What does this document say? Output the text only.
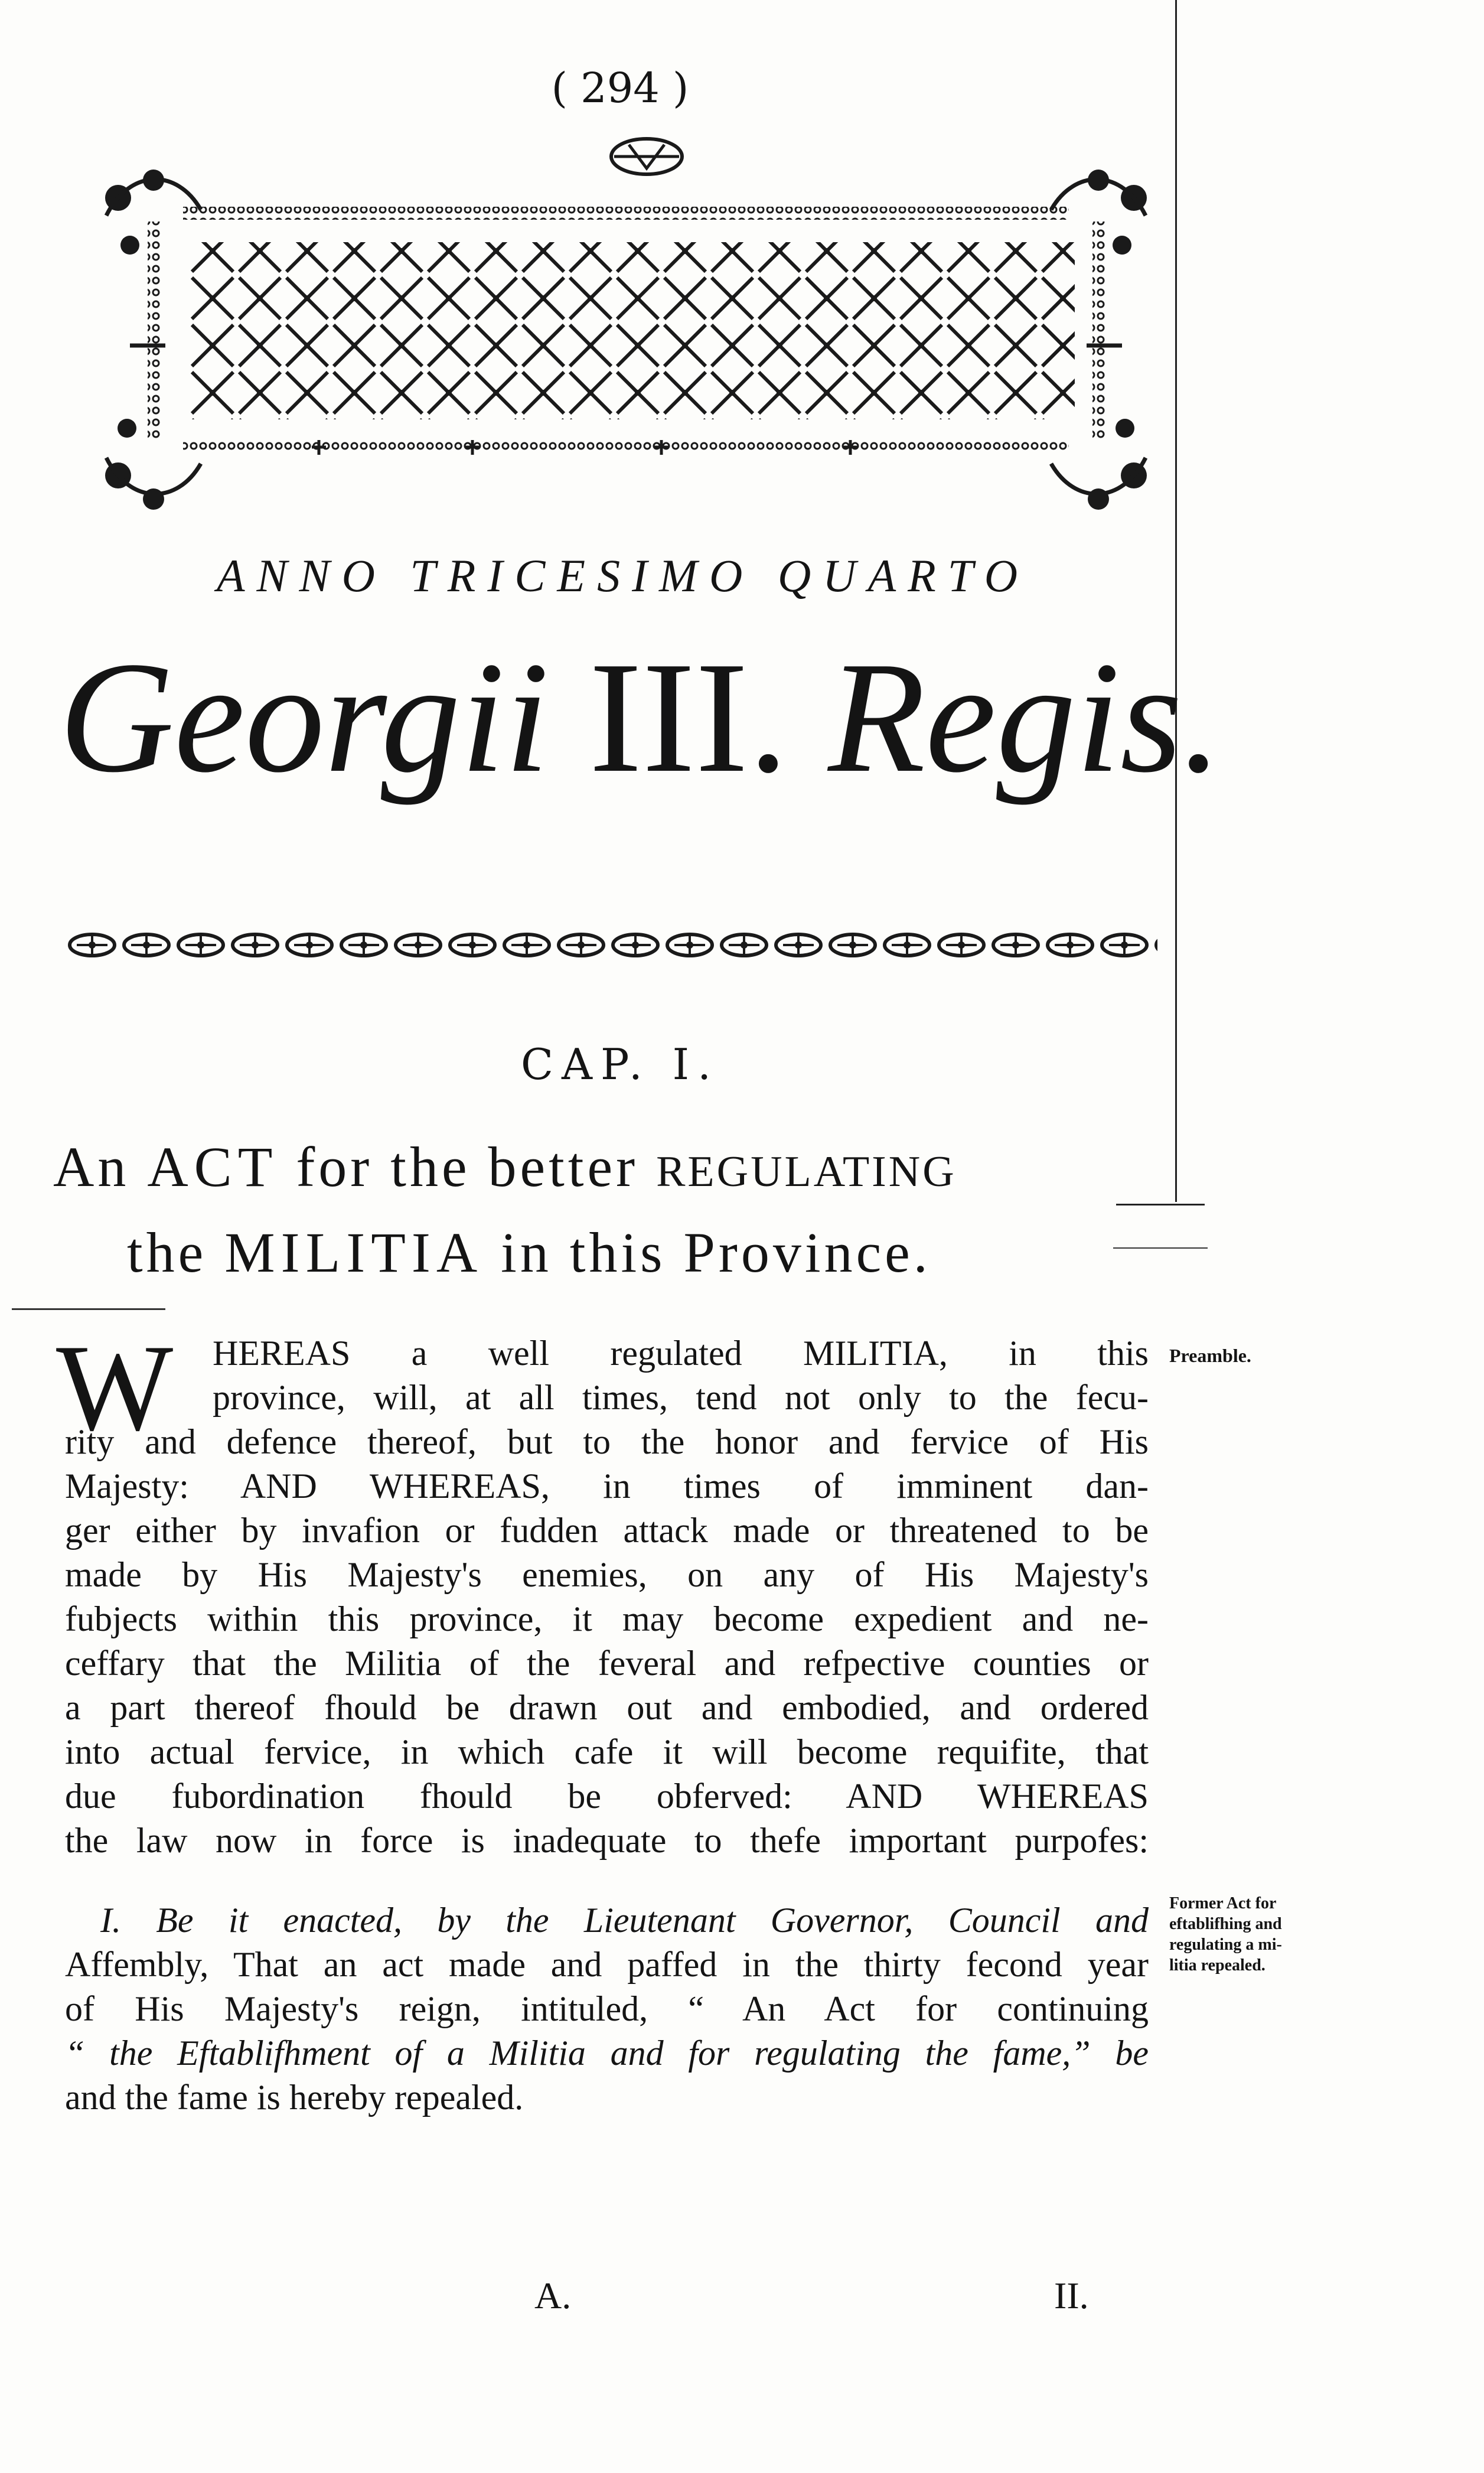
( 294 )
ANNO TRICESIMO QUARTO
Georgii III. Regis.
CAP. I.
An ACT for the better REGULATING
the MILITIA in this Province.
W HEREAS a well regulated MILITIA, in this
province, will, at all times, tend not only to the fecu-
rity and defence thereof, but to the honor and fervice of His
Majesty: AND WHEREAS, in times of imminent dan-
ger either by invafion or fudden attack made or threatened to be
made by His Majesty's enemies, on any of His Majesty's
fubjects within this province, it may become expedient and ne-
ceffary that the Militia of the feveral and refpective counties or
a part thereof fhould be drawn out and embodied, and ordered
into actual fervice, in which cafe it will become requifite, that
due fubordination fhould be obferved: AND WHEREAS
the law now in force is inadequate to thefe important purpofes:
Preamble.
I. Be it enacted, by the Lieutenant Governor, Council and
Affembly, That an act made and paffed in the thirty fecond year
of His Majesty's reign, intituled, “ An Act for continuing
“ the Eftablifhment of a Militia and for regulating the fame,” be
and the fame is hereby repealed.
Former Act for
eftablifhing and
regulating a mi-
litia repealed.
A.	II.
